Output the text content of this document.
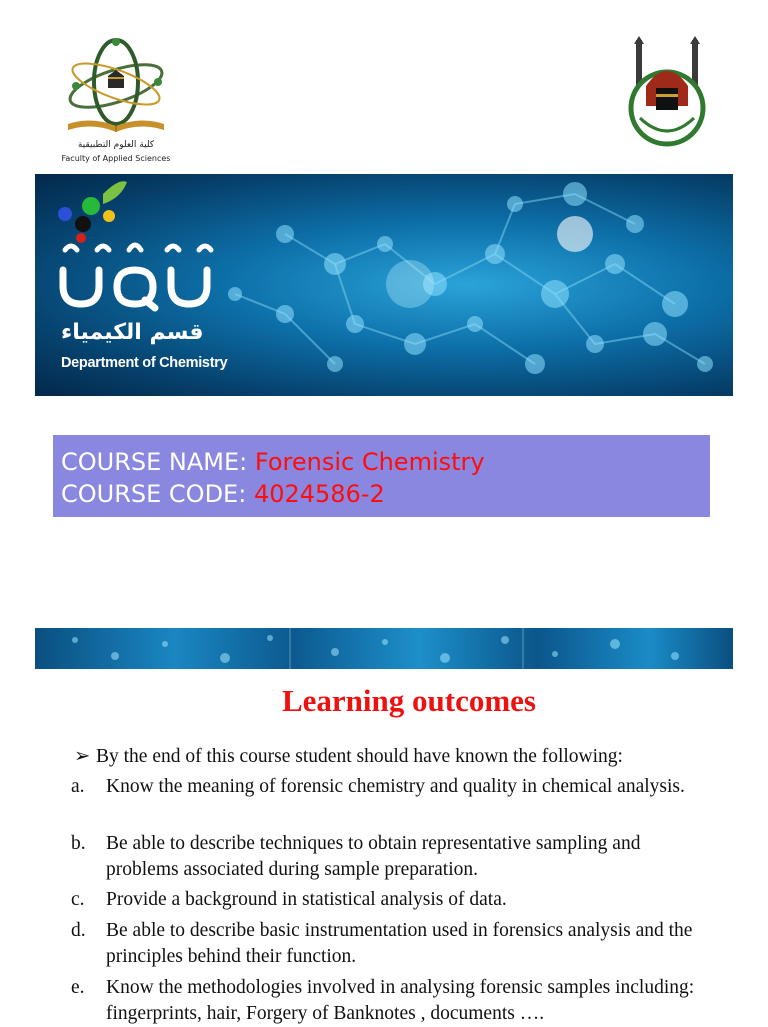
كلية العلوم التطبيقية
Faculty of Applied Sciences
قسم الكيمياء
Department of Chemistry
COURSE NAME: Forensic Chemistry
COURSE CODE: 4024586-2
Learning outcomes
➢ By the end of this course student should have known the following:
a. Know the meaning of forensic chemistry and quality in chemical analysis.
b. Be able to describe techniques to obtain representative sampling and problems associated during sample preparation.
c. Provide a background in statistical analysis of data.
d. Be able to describe basic instrumentation used in forensics analysis and the principles behind their function.
e. Know the methodologies involved in analysing forensic samples including: fingerprints, hair, Forgery of Banknotes , documents ….
